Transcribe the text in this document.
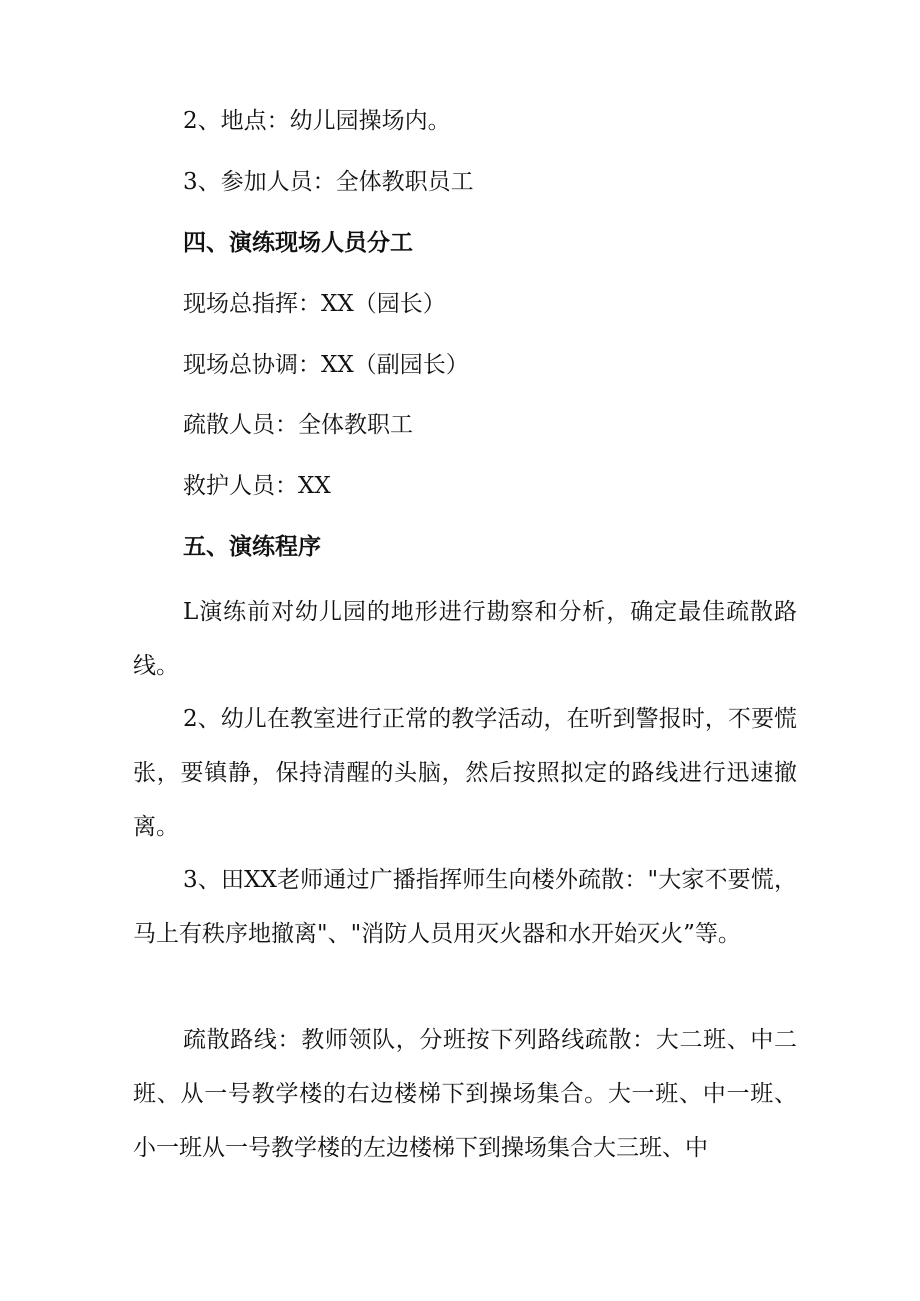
2、地点：幼儿园操场内。
3、参加人员：全体教职员工
四、演练现场人员分工
现场总指挥：XX（园长）
现场总协调：XX（副园长）
疏散人员：全体教职工
救护人员：XX
五、演练程序
L演练前对幼儿园的地形进行勘察和分析，确定最佳疏散路线。
2、幼儿在教室进行正常的教学活动，在听到警报时，不要慌张，要镇静，保持清醒的头脑，然后按照拟定的路线进行迅速撤离。
3、田XX老师通过广播指挥师生向楼外疏散："大家不要慌，马上有秩序地撤离"、"消防人员用灭火器和水开始灭火”等。
疏散路线：教师领队，分班按下列路线疏散：大二班、中二班、从一号教学楼的右边楼梯下到操场集合。大一班、中一班、小一班从一号教学楼的左边楼梯下到操场集合大三班、中
